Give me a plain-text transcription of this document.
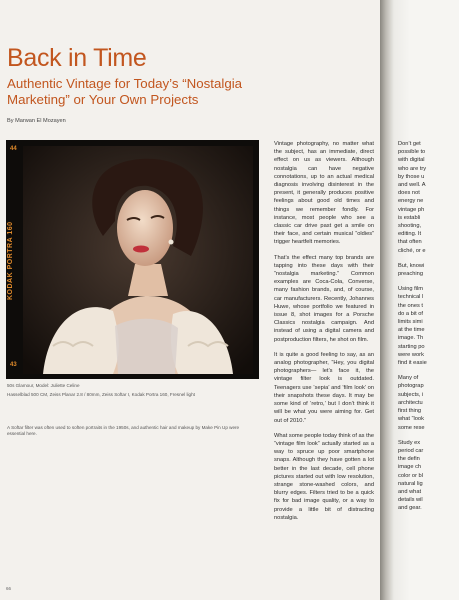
Back in Time
Authentic Vintage for Today’s “Nostalgia Marketing” or Your Own Projects
By Marwan El Mozayen
44
KODAK PORTRA 160
43
50s Glamour, Model: Juliette Celine
Hasselblad 500 CM, Zeiss Planar 2.8 / 80mm, Zeiss Softar I, Kodak Portra 160, Fresnel light
A Softar filter was often used to soften portraits in the 1950s, and authentic hair and makeup by Make Pin Up were essential here.

Vintage photography, no matter what the subject, has an immediate, direct effect on us as viewers. Although nostalgia can have negative connotations, up to an actual medical diagnosis involving disinterest in the present, it generally produces positive feelings about good old times and things we remember fondly. For instance, most people who see a classic car drive past get a smile on their face, and certain musical “oldies” trigger heartfelt memories.

That’s the effect many top brands are tapping into these days with their “nostalgia marketing.” Common examples are Coca-Cola, Converse, many fashion brands, and, of course, car manufacturers. Recently, Johannes Huwe, whose portfolio we featured in issue 8, shot images for a Porsche Classics nostalgia campaign. And instead of using a digital camera and postproduction filters, he shot on film.

It is quite a good feeling to say, as an analog photographer, “Hey, you digital photographers— let’s face it, the vintage filter look is outdated. Teenagers use ‘sepia’ and ‘film look’ on their snapshots these days. It may be some kind of ‘retro,’ but I don’t think it will be what you were aiming for. Get out of 2010.”

What some people today think of as the “vintage film look” actually started as a way to spruce up poor smartphone snaps. Although they have gotten a lot better in the last decade, cell phone pictures started out with low resolution, strange stone-washed colors, and blurry edges. Filters tried to be a quick fix for bad image quality, or a way to provide a little bit of distracting nostalgia.

Don’t get
possible to
with digital
who are try
by those u
and well. A
does not
energy ne
vintage ph
is establi
shooting,
editing. It
that often
cliché, or e

But, knowi
preaching

Using film
technical l
the ones t
do a bit of
limits simi
at the time
image. Th
starting po
were work
find it easie

Many of
photograp
subjects, i
architectu
first thing
what “look
some rese

Study ex
period car
the defin
image ch
color or bl
natural lig
and what
details wil
and gear.

66
